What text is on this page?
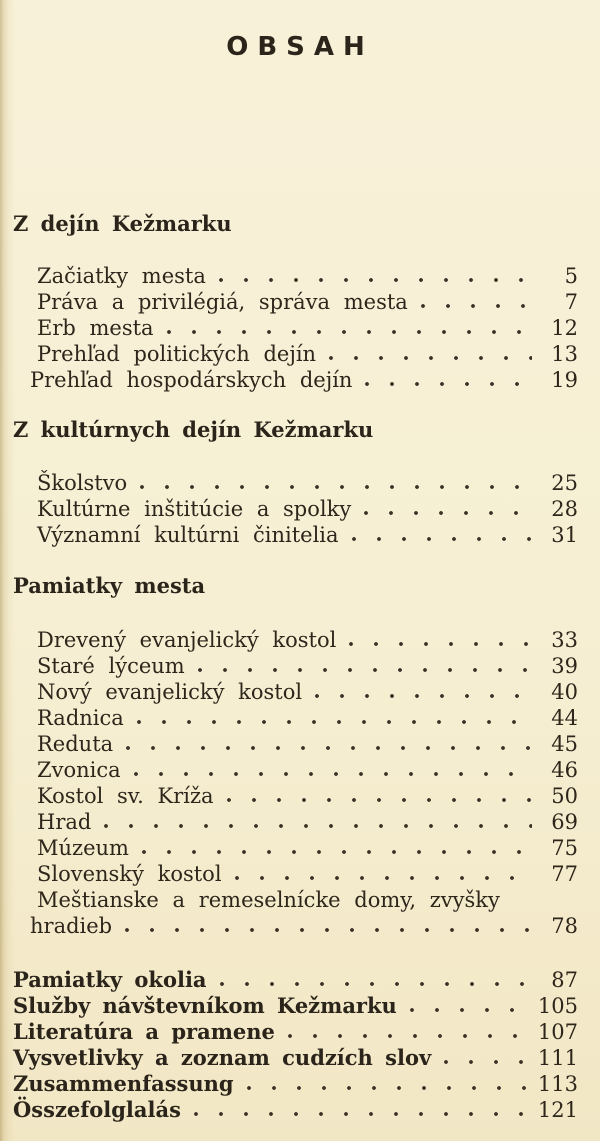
OBSAH
Z dejín Kežmarku
Začiatky mesta	5
Práva a privilégiá, správa mesta	7
Erb mesta	12
Prehľad politických dejín	13
Prehľad hospodárskych dejín	19
Z kultúrnych dejín Kežmarku
Školstvo	25
Kultúrne inštitúcie a spolky	28
Významní kultúrni činitelia	31
Pamiatky mesta
Drevený evanjelický kostol	33
Staré lýceum	39
Nový evanjelický kostol	40
Radnica	44
Reduta	45
Zvonica	46
Kostol sv. Kríža	50
Hrad	69
Múzeum	75
Slovenský kostol	77
Meštianske a remeselnícke domy, zvyšky
hradieb	78
Pamiatky okolia	87
Služby návštevníkom Kežmarku	105
Literatúra a pramene	107
Vysvetlivky a zoznam cudzích slov	111
Zusammenfassung	113
Összefolglalás	121
